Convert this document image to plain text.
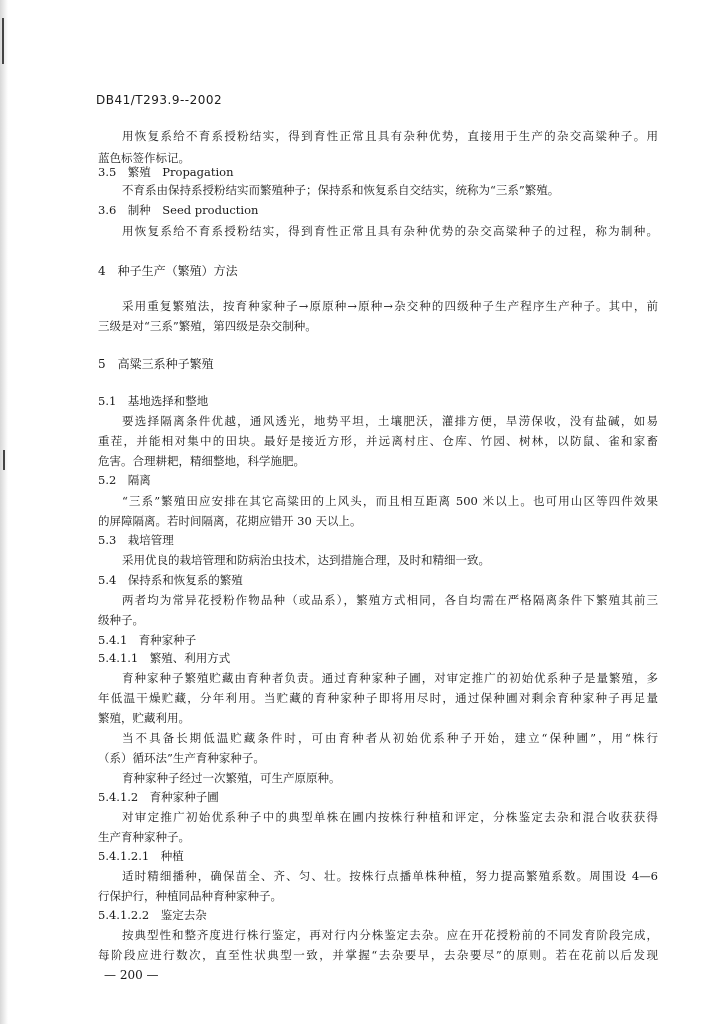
DB41/T293.9--2002
用恢复系给不育系授粉结实，得到育性正常且具有杂种优势，直接用于生产的杂交高粱种子。用
蓝色标签作标记。
3.5　繁殖　Propagation
不育系由保持系授粉结实而繁殖种子；保持系和恢复系自交结实，统称为“三系”繁殖。
3.6　制种　Seed production
用恢复系给不育系授粉结实，得到育性正常且具有杂种优势的杂交高粱种子的过程，称为制种。
4　种子生产（繁殖）方法
采用重复繁殖法，按育种家种子→原原种→原种→杂交种的四级种子生产程序生产种子。其中，前
三级是对“三系”繁殖，第四级是杂交制种。
5　高粱三系种子繁殖
5.1　基地选择和整地
要选择隔离条件优越，通风透光，地势平坦，土壤肥沃，灌排方便，旱涝保收，没有盐碱，如易
重茬，并能相对集中的田块。最好是接近方形，并远离村庄、仓库、竹园、树林，以防鼠、雀和家畜
危害。合理耕耙，精细整地，科学施肥。
5.2　隔离
“三系”繁殖田应安排在其它高粱田的上风头，而且相互距离 500 米以上。也可用山区等四件效果
的屏障隔离。若时间隔离，花期应错开 30 天以上。
5.3　栽培管理
采用优良的栽培管理和防病治虫技术，达到措施合理，及时和精细一致。
5.4　保持系和恢复系的繁殖
两者均为常异花授粉作物品种（或品系），繁殖方式相同，各自均需在严格隔离条件下繁殖其前三
级种子。
5.4.1　育种家种子
5.4.1.1　繁殖、利用方式
育种家种子繁殖贮藏由育种者负责。通过育种家种子圃，对审定推广的初始优系种子是量繁殖，多
年低温干燥贮藏，分年利用。当贮藏的育种家种子即将用尽时，通过保种圃对剩余育种家种子再足量
繁殖，贮藏利用。
当不具备长期低温贮藏条件时，可由育种者从初始优系种子开始，建立“保种圃”，用“株行
（系）循环法”生产育种家种子。
育种家种子经过一次繁殖，可生产原原种。
5.4.1.2　育种家种子圃
对审定推广初始优系种子中的典型单株在圃内按株行种植和评定，分株鉴定去杂和混合收获获得
生产育种家种子。
5.4.1.2.1　种植
适时精细播种，确保苗全、齐、匀、壮。按株行点播单株种植，努力提高繁殖系数。周围设 4—6
行保护行，种植同品种育种家种子。
5.4.1.2.2　鉴定去杂
按典型性和整齐度进行株行鉴定，再对行内分株鉴定去杂。应在开花授粉前的不同发育阶段完成，
每阶段应进行数次，直至性状典型一致，并掌握“去杂要早，去杂要尽”的原则。若在花前以后发现
— 200 —
